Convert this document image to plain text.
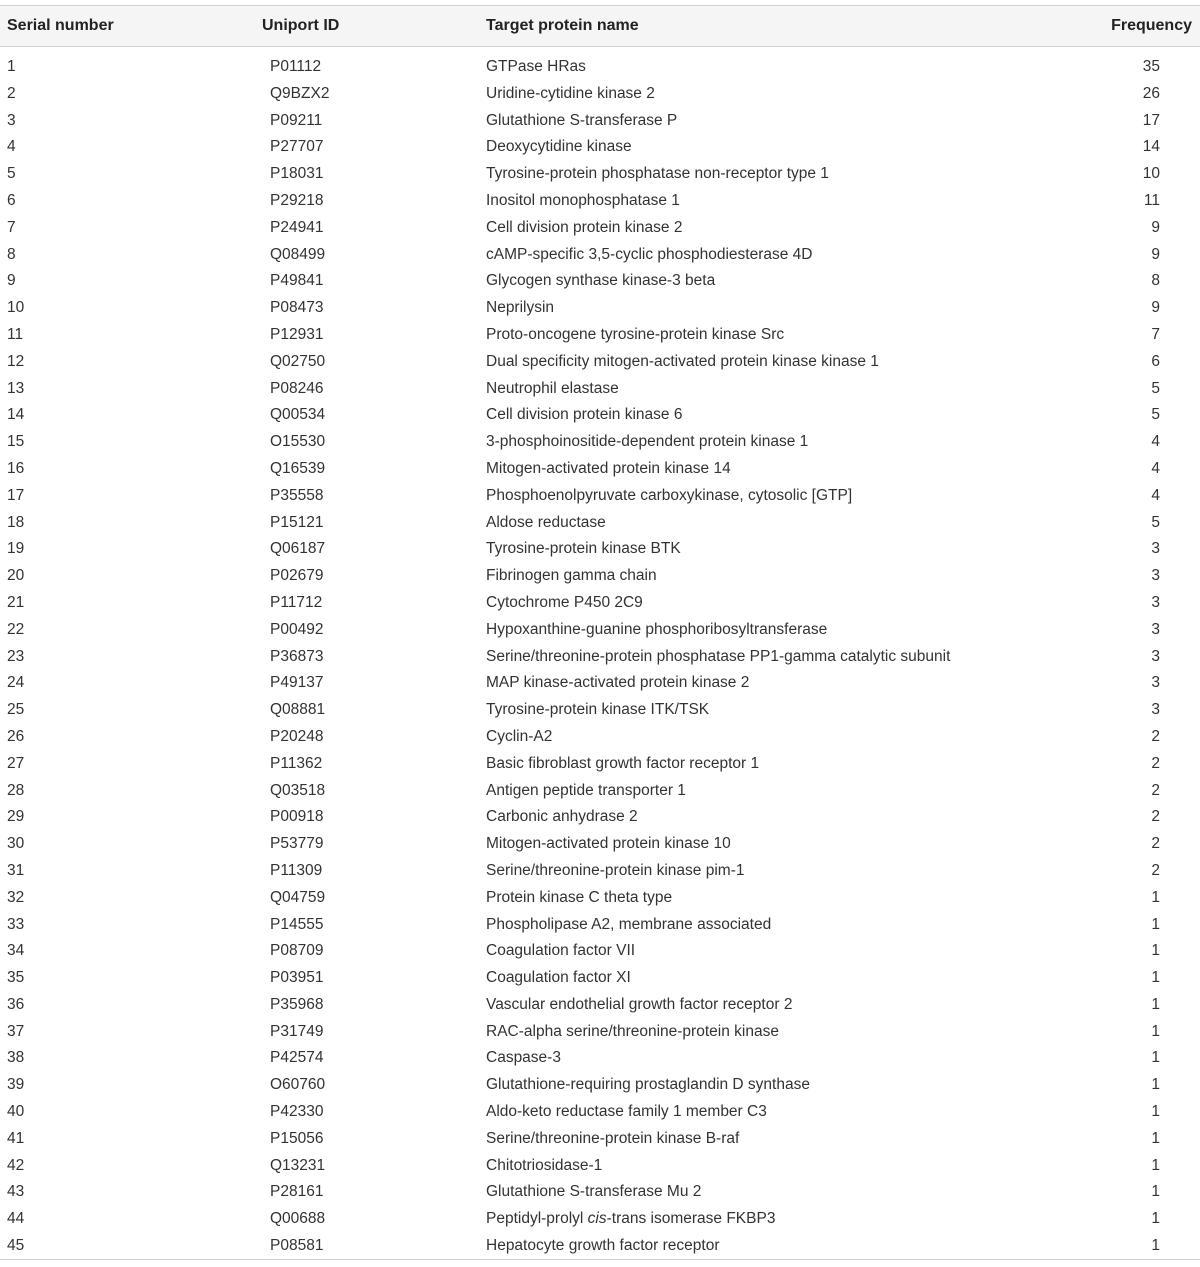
Serial number	Uniport ID	Target protein name	Frequency
1	P01112	GTPase HRas	35
2	Q9BZX2	Uridine-cytidine kinase 2	26
3	P09211	Glutathione S-transferase P	17
4	P27707	Deoxycytidine kinase	14
5	P18031	Tyrosine-protein phosphatase non-receptor type 1	10
6	P29218	Inositol monophosphatase 1	11
7	P24941	Cell division protein kinase 2	9
8	Q08499	cAMP-specific 3,5-cyclic phosphodiesterase 4D	9
9	P49841	Glycogen synthase kinase-3 beta	8
10	P08473	Neprilysin	9
11	P12931	Proto-oncogene tyrosine-protein kinase Src	7
12	Q02750	Dual specificity mitogen-activated protein kinase kinase 1	6
13	P08246	Neutrophil elastase	5
14	Q00534	Cell division protein kinase 6	5
15	O15530	3-phosphoinositide-dependent protein kinase 1	4
16	Q16539	Mitogen-activated protein kinase 14	4
17	P35558	Phosphoenolpyruvate carboxykinase, cytosolic [GTP]	4
18	P15121	Aldose reductase	5
19	Q06187	Tyrosine-protein kinase BTK	3
20	P02679	Fibrinogen gamma chain	3
21	P11712	Cytochrome P450 2C9	3
22	P00492	Hypoxanthine-guanine phosphoribosyltransferase	3
23	P36873	Serine/threonine-protein phosphatase PP1-gamma catalytic subunit	3
24	P49137	MAP kinase-activated protein kinase 2	3
25	Q08881	Tyrosine-protein kinase ITK/TSK	3
26	P20248	Cyclin-A2	2
27	P11362	Basic fibroblast growth factor receptor 1	2
28	Q03518	Antigen peptide transporter 1	2
29	P00918	Carbonic anhydrase 2	2
30	P53779	Mitogen-activated protein kinase 10	2
31	P11309	Serine/threonine-protein kinase pim-1	2
32	Q04759	Protein kinase C theta type	1
33	P14555	Phospholipase A2, membrane associated	1
34	P08709	Coagulation factor VII	1
35	P03951	Coagulation factor XI	1
36	P35968	Vascular endothelial growth factor receptor 2	1
37	P31749	RAC-alpha serine/threonine-protein kinase	1
38	P42574	Caspase-3	1
39	O60760	Glutathione-requiring prostaglandin D synthase	1
40	P42330	Aldo-keto reductase family 1 member C3	1
41	P15056	Serine/threonine-protein kinase B-raf	1
42	Q13231	Chitotriosidase-1	1
43	P28161	Glutathione S-transferase Mu 2	1
44	Q00688	Peptidyl-prolyl cis-trans isomerase FKBP3	1
45	P08581	Hepatocyte growth factor receptor	1
